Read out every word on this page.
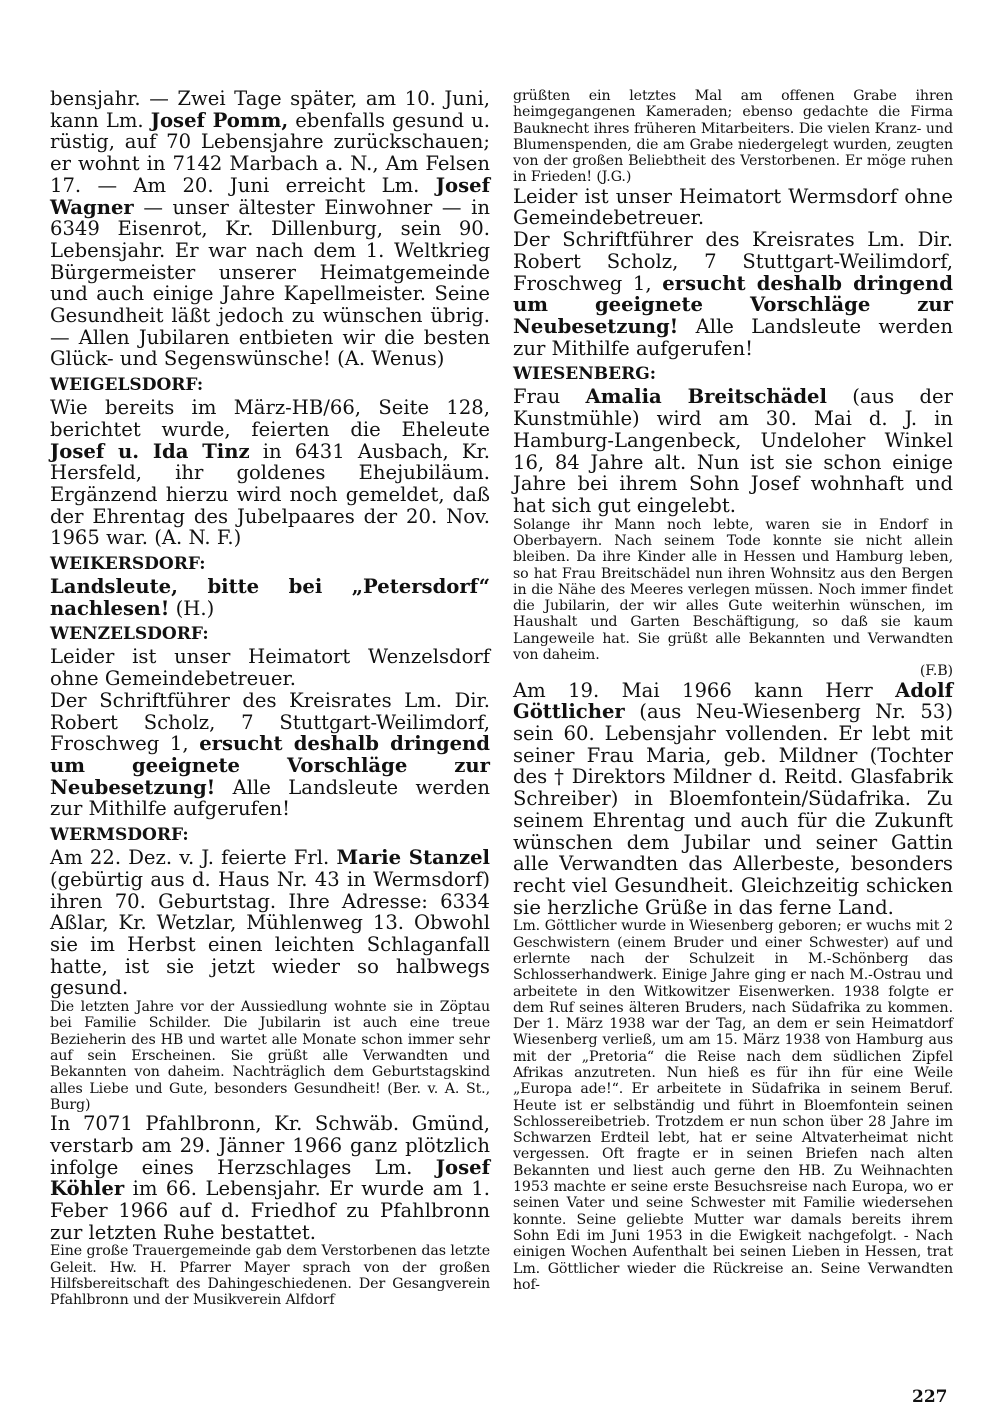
bensjahr. — Zwei Tage später, am 10. Juni, kann Lm. Josef Pomm, ebenfalls gesund u. rüstig, auf 70 Lebensjahre zurückschauen; er wohnt in 7142 Marbach a. N., Am Felsen 17. — Am 20. Juni erreicht Lm. Josef Wagner — unser ältester Einwohner — in 6349 Eisenrot, Kr. Dillenburg, sein 90. Lebensjahr. Er war nach dem 1. Weltkrieg Bürgermeister unserer Heimatgemeinde und auch einige Jahre Kapellmeister. Seine Gesundheit läßt jedoch zu wünschen übrig. — Allen Jubilaren entbieten wir die besten Glück- und Segenswünsche! (A. Wenus)

WEIGELSDORF:

Wie bereits im März-HB/66, Seite 128, berichtet wurde, feierten die Eheleute Josef u. Ida Tinz in 6431 Ausbach, Kr. Hersfeld, ihr goldenes Ehejubiläum. Ergänzend hierzu wird noch gemeldet, daß der Ehrentag des Jubelpaares der 20. Nov. 1965 war. (A. N. F.)

WEIKERSDORF:

Landsleute, bitte bei „Petersdorf“ nachlesen! (H.)

WENZELSDORF:

Leider ist unser Heimatort Wenzelsdorf ohne Gemeindebetreuer.

Der Schriftführer des Kreisrates Lm. Dir. Robert Scholz, 7 Stuttgart-Weilimdorf, Froschweg 1, ersucht deshalb dringend um geeignete Vorschläge zur Neubesetzung! Alle Landsleute werden zur Mithilfe aufgerufen!

WERMSDORF:

Am 22. Dez. v. J. feierte Frl. Marie Stanzel (gebürtig aus d. Haus Nr. 43 in Wermsdorf) ihren 70. Geburtstag. Ihre Adresse: 6334 Aßlar, Kr. Wetzlar, Mühlenweg 13. Obwohl sie im Herbst einen leichten Schlaganfall hatte, ist sie jetzt wieder so halbwegs gesund.

Die letzten Jahre vor der Aussiedlung wohnte sie in Zöptau bei Familie Schilder. Die Jubilarin ist auch eine treue Bezieherin des HB und wartet alle Monate schon immer sehr auf sein Erscheinen. Sie grüßt alle Verwandten und Bekannten von daheim. Nachträglich dem Geburtstagskind alles Liebe und Gute, besonders Gesundheit! (Ber. v. A. St., Burg)

In 7071 Pfahlbronn, Kr. Schwäb. Gmünd, verstarb am 29. Jänner 1966 ganz plötzlich infolge eines Herzschlages Lm. Josef Köhler im 66. Lebensjahr. Er wurde am 1. Feber 1966 auf d. Friedhof zu Pfahlbronn zur letzten Ruhe bestattet.

Eine große Trauergemeinde gab dem Verstorbenen das letzte Geleit. Hw. H. Pfarrer Mayer sprach von der großen Hilfsbereitschaft des Dahingeschiedenen. Der Gesangverein Pfahlbronn und der Musikverein Alfdorf

grüßten ein letztes Mal am offenen Grabe ihren heimgegangenen Kameraden; ebenso gedachte die Firma Bauknecht ihres früheren Mitarbeiters. Die vielen Kranz- und Blumenspenden, die am Grabe niedergelegt wurden, zeugten von der großen Beliebtheit des Verstorbenen. Er möge ruhen in Frieden! (J.G.)

Leider ist unser Heimatort Wermsdorf ohne Gemeindebetreuer.

Der Schriftführer des Kreisrates Lm. Dir. Robert Scholz, 7 Stuttgart-Weilimdorf, Froschweg 1, ersucht deshalb dringend um geeignete Vorschläge zur Neubesetzung! Alle Landsleute werden zur Mithilfe aufgerufen!

WIESENBERG:

Frau Amalia Breitschädel (aus der Kunstmühle) wird am 30. Mai d. J. in Hamburg-Langenbeck, Undeloher Winkel 16, 84 Jahre alt. Nun ist sie schon einige Jahre bei ihrem Sohn Josef wohnhaft und hat sich gut eingelebt.

Solange ihr Mann noch lebte, waren sie in Endorf in Oberbayern. Nach seinem Tode konnte sie nicht allein bleiben. Da ihre Kinder alle in Hessen und Hamburg leben, so hat Frau Breitschädel nun ihren Wohnsitz aus den Bergen in die Nähe des Meeres verlegen müssen. Noch immer findet die Jubilarin, der wir alles Gute weiterhin wünschen, im Haushalt und Garten Beschäftigung, so daß sie kaum Langeweile hat. Sie grüßt alle Bekannten und Verwandten von daheim.

(F.B)

Am 19. Mai 1966 kann Herr Adolf Göttlicher (aus Neu-Wiesenberg Nr. 53) sein 60. Lebensjahr vollenden. Er lebt mit seiner Frau Maria, geb. Mildner (Tochter des † Direktors Mildner d. Reitd. Glasfabrik Schreiber) in Bloemfontein/Südafrika. Zu seinem Ehrentag und auch für die Zukunft wünschen dem Jubilar und seiner Gattin alle Verwandten das Allerbeste, besonders recht viel Gesundheit. Gleichzeitig schicken sie herzliche Grüße in das ferne Land.

Lm. Göttlicher wurde in Wiesenberg geboren; er wuchs mit 2 Geschwistern (einem Bruder und einer Schwester) auf und erlernte nach der Schulzeit in M.-Schönberg das Schlosserhandwerk. Einige Jahre ging er nach M.-Ostrau und arbeitete in den Witkowitzer Eisenwerken. 1938 folgte er dem Ruf seines älteren Bruders, nach Südafrika zu kommen. Der 1. März 1938 war der Tag, an dem er sein Heimatdorf Wiesenberg verließ, um am 15. März 1938 von Hamburg aus mit der „Pretoria“ die Reise nach dem südlichen Zipfel Afrikas anzutreten. Nun hieß es für ihn für eine Weile „Europa ade!“. Er arbeitete in Südafrika in seinem Beruf. Heute ist er selbständig und führt in Bloemfontein seinen Schlossereibetrieb. Trotzdem er nun schon über 28 Jahre im Schwarzen Erdteil lebt, hat er seine Altvaterheimat nicht vergessen. Oft fragte er in seinen Briefen nach alten Bekannten und liest auch gerne den HB. Zu Weihnachten 1953 machte er seine erste Besuchsreise nach Europa, wo er seinen Vater und seine Schwester mit Familie wiedersehen konnte. Seine geliebte Mutter war damals bereits ihrem Sohn Edi im Juni 1953 in die Ewigkeit nachgefolgt. - Nach einigen Wochen Aufenthalt bei seinen Lieben in Hessen, trat Lm. Göttlicher wieder die Rückreise an. Seine Verwandten hof-

227
